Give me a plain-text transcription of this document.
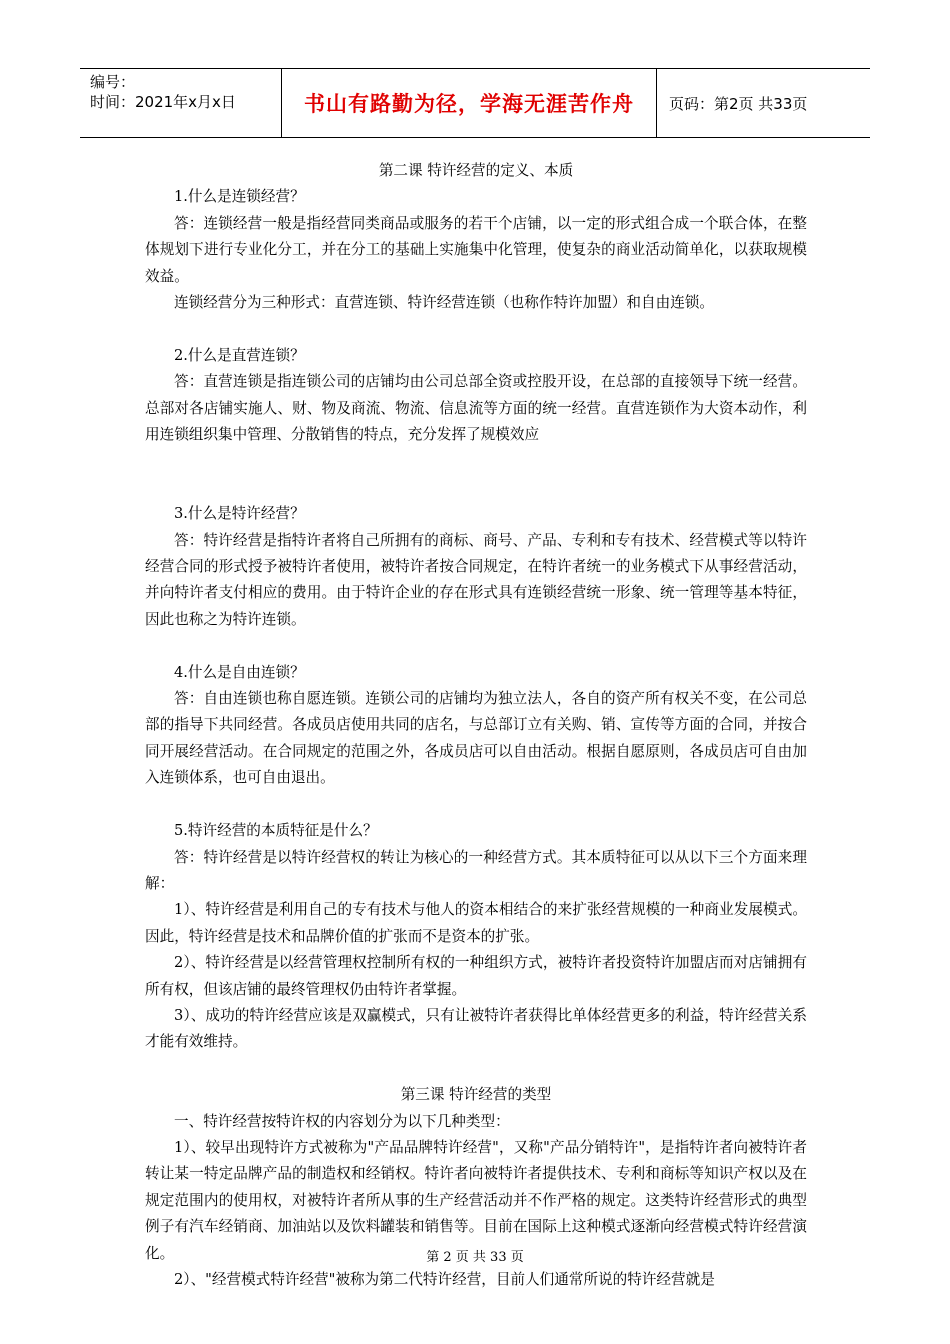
编号：
时间：2021年x月x日	书山有路勤为径，学海无涯苦作舟	页码：第2页 共33页

第二课 特许经营的定义、本质

1.什么是连锁经营？

答：连锁经营一般是指经营同类商品或服务的若干个店铺，以一定的形式组合成一个联合体，在整体规划下进行专业化分工，并在分工的基础上实施集中化管理，使复杂的商业活动简单化，以获取规模效益。

连锁经营分为三种形式：直营连锁、特许经营连锁（也称作特许加盟）和自由连锁。

2.什么是直营连锁？

答：直营连锁是指连锁公司的店铺均由公司总部全资或控股开设，在总部的直接领导下统一经营。总部对各店铺实施人、财、物及商流、物流、信息流等方面的统一经营。直营连锁作为大资本动作，利用连锁组织集中管理、分散销售的特点，充分发挥了规模效应

3.什么是特许经营？

答：特许经营是指特许者将自己所拥有的商标、商号、产品、专利和专有技术、经营模式等以特许经营合同的形式授予被特许者使用，被特许者按合同规定，在特许者统一的业务模式下从事经营活动，并向特许者支付相应的费用。由于特许企业的存在形式具有连锁经营统一形象、统一管理等基本特征，因此也称之为特许连锁。

4.什么是自由连锁？

答：自由连锁也称自愿连锁。连锁公司的店铺均为独立法人，各自的资产所有权关不变，在公司总部的指导下共同经营。各成员店使用共同的店名，与总部订立有关购、销、宣传等方面的合同，并按合同开展经营活动。在合同规定的范围之外，各成员店可以自由活动。根据自愿原则，各成员店可自由加入连锁体系，也可自由退出。

5.特许经营的本质特征是什么？

答：特许经营是以特许经营权的转让为核心的一种经营方式。其本质特征可以从以下三个方面来理解：

1）、特许经营是利用自己的专有技术与他人的资本相结合的来扩张经营规模的一种商业发展模式。因此，特许经营是技术和品牌价值的扩张而不是资本的扩张。

2）、特许经营是以经营管理权控制所有权的一种组织方式，被特许者投资特许加盟店而对店铺拥有所有权，但该店铺的最终管理权仍由特许者掌握。

3）、成功的特许经营应该是双赢模式，只有让被特许者获得比单体经营更多的利益，特许经营关系才能有效维持。

第三课 特许经营的类型

一、特许经营按特许权的内容划分为以下几种类型：

1）、较早出现特许方式被称为"产品品牌特许经营"，又称"产品分销特许"，是指特许者向被特许者转让某一特定品牌产品的制造权和经销权。特许者向被特许者提供技术、专利和商标等知识产权以及在规定范围内的使用权，对被特许者所从事的生产经营活动并不作严格的规定。这类特许经营形式的典型例子有汽车经销商、加油站以及饮料罐装和销售等。目前在国际上这种模式逐渐向经营模式特许经营演化。

2）、"经营模式特许经营"被称为第二代特许经营，目前人们通常所说的特许经营就是

第 2 页 共 33 页
